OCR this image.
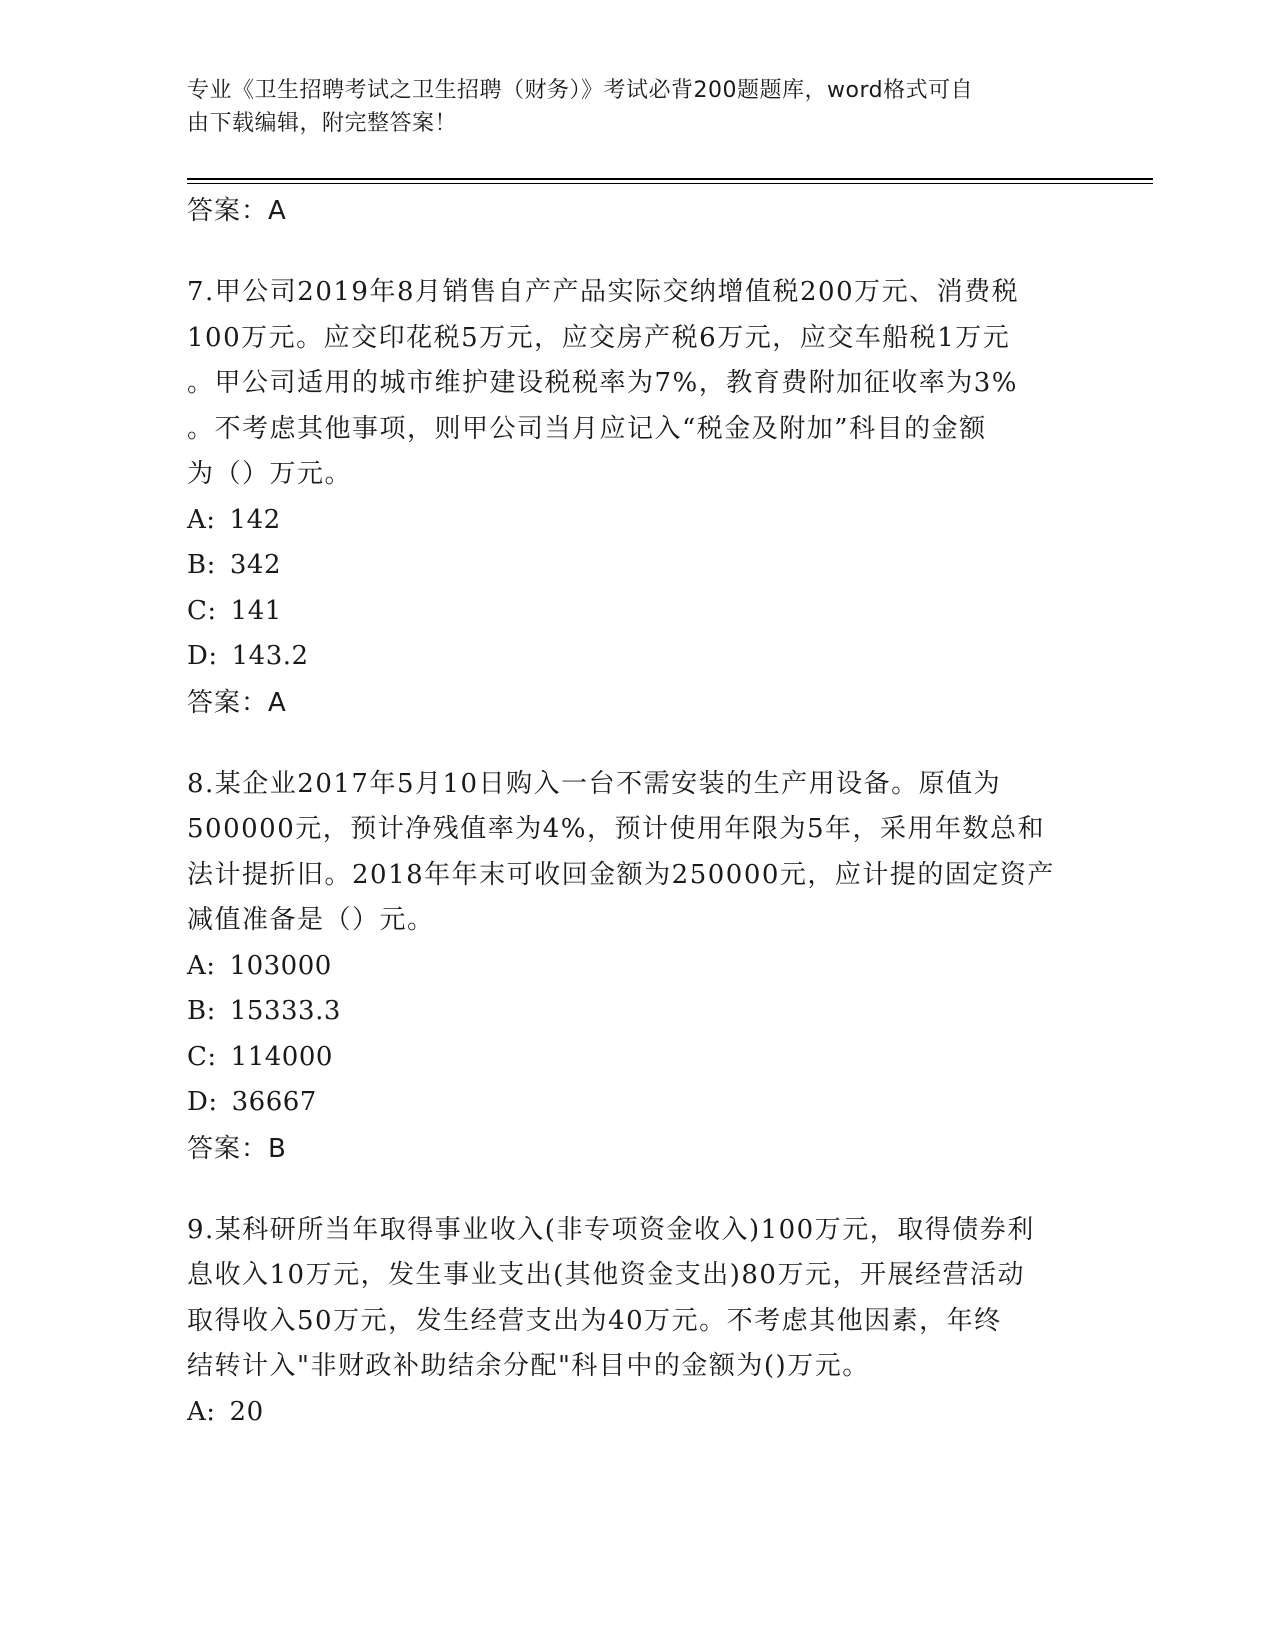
专业《卫生招聘考试之卫生招聘（财务）》考试必背200题题库，word格式可自
由下载编辑，附完整答案！
答案：A

7.甲公司2019年8月销售自产产品实际交纳增值税200万元、消费税

100万元。应交印花税5万元，应交房产税6万元，应交车船税1万元

。甲公司适用的城市维护建设税税率为7%，教育费附加征收率为3%

。不考虑其他事项，则甲公司当月应记入“税金及附加”科目的金额

为（）万元。

A: 142
B: 342
C: 141
D: 143.2
答案：A

8.某企业2017年5月10日购入一台不需安装的生产用设备。原值为

500000元，预计净残值率为4%，预计使用年限为5年，采用年数总和

法计提折旧。2018年年末可收回金额为250000元，应计提的固定资产

减值准备是（）元。

A: 103000
B: 15333.3
C: 114000
D: 36667
答案：B

9.某科研所当年取得事业收入(非专项资金收入)100万元，取得债券利

息收入10万元，发生事业支出(其他资金支出)80万元，开展经营活动

取得收入50万元，发生经营支出为40万元。不考虑其他因素，年终

结转计入"非财政补助结余分配"科目中的金额为()万元。

A: 20
